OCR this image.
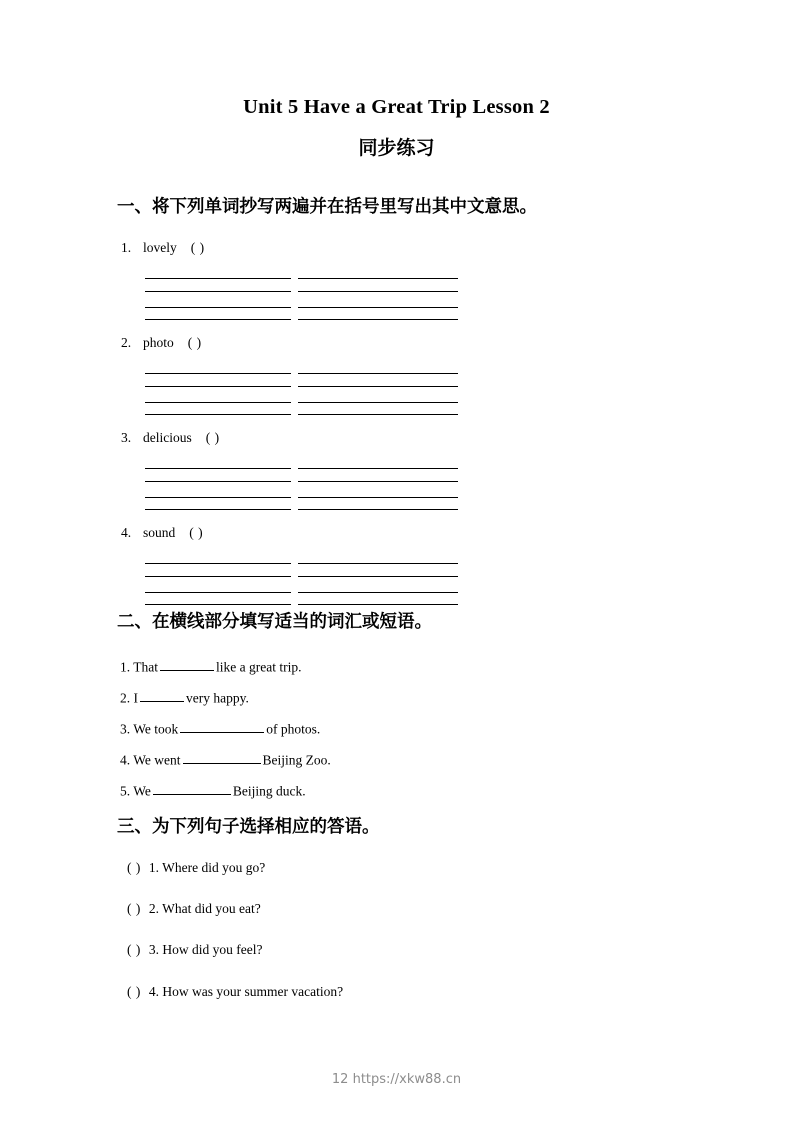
Unit 5 Have a Great Trip Lesson 2
同步练习
一、将下列单词抄写两遍并在括号里写出其中文意思。
1. lovely ( )
2. photo ( )
3. delicious ( )
4. sound ( )
二、在横线部分填写适当的词汇或短语。
1. That	like a great trip.
2. I	very happy.
3. We took	of photos.
4. We went	Beijing Zoo.
5. We	Beijing duck.
三、为下列句子选择相应的答语。
( ) 1. Where did you go?
( ) 2. What did you eat?
( ) 3. How did you feel?
( ) 4. How was your summer vacation?
12 https://xkw88.cn
